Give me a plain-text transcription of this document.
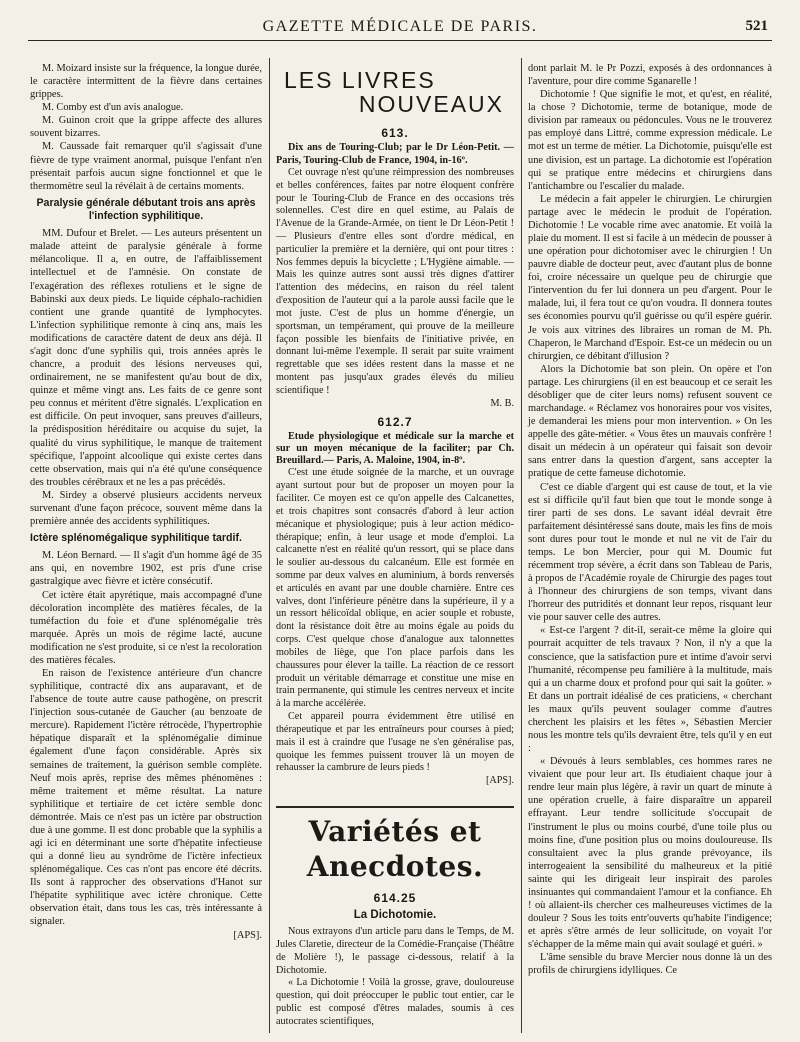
GAZETTE MÉDICALE DE PARIS.	521

M. Moizard insiste sur la fréquence, la longue durée, le caractère intermittent de la fièvre dans certaines grippes.

M. Comby est d'un avis analogue.

M. Guinon croit que la grippe affecte des allures souvent bizarres.

M. Caussade fait remarquer qu'il s'agissait d'une fièvre de type vraiment anormal, puisque l'enfant n'en présentait parfois aucun signe fonctionnel et que le thermomètre seul la révélait à de certains moments.

Paralysie générale débutant trois ans après l'infection syphilitique.

MM. Dufour et Brelet. — Les auteurs présentent un malade atteint de paralysie générale à forme mélancolique. Il a, en outre, de l'affaiblissement intellectuel et de l'amnésie. On constate de l'exagération des réflexes rotuliens et le signe de Babinski aux deux pieds. Le liquide céphalo-rachidien contient une grande quantité de lymphocytes. L'infection syphilitique remonte à cinq ans, mais les modifications de caractère datent de deux ans déjà. Il s'agit donc d'une syphilis qui, trois années après le chancre, a produit des lésions nerveuses qui, ordinairement, ne se manifestent qu'au bout de dix, quinze et même vingt ans. Les faits de ce genre sont peu connus et méritent d'être signalés. L'explication en est difficile. On peut invoquer, sans preuves d'ailleurs, la prédisposition héréditaire ou acquise du sujet, la qualité du virus syphilitique, le manque de traitement spécifique, l'appoint alcoolique qui existe certes dans cette observation, mais qui n'a été qu'une conséquence des troubles cérébraux et ne les a pas précédés.

M. Sirdey a observé plusieurs accidents nerveux survenant d'une façon précoce, souvent même dans la première année des accidents syphilitiques.

Ictère splénomégalique syphilitique tardif.

M. Léon Bernard. — Il s'agit d'un homme âgé de 35 ans qui, en novembre 1902, est pris d'une crise gastralgique avec fièvre et ictère consécutif.

Cet ictère était apyrétique, mais accompagné d'une décoloration incomplète des matières fécales, de la tuméfaction du foie et d'une splénomégalie très marquée. Après un mois de régime lacté, aucune modification ne s'est produite, si ce n'est la recoloration des matières fécales.

En raison de l'existence antérieure d'un chancre syphilitique, contracté dix ans auparavant, et de l'absence de toute autre cause pathogène, on prescrit l'injection sous-cutanée de Gaucher (au benzoate de mercure). Rapidement l'ictère rétrocède, l'hypertrophie hépatique disparaît et la splénomégalie diminue également d'une façon considérable. Après six semaines de traitement, la guérison semble complète. Neuf mois après, reprise des mêmes phénomènes : même traitement et même résultat. La nature syphilitique et tertiaire de cet ictère semble donc démontrée. Mais ce n'est pas un ictère par obstruction due à une gomme. Il est donc probable que la syphilis a agi ici en déterminant une sorte d'hépatite infectieuse qui a donné lieu au syndrôme de l'ictère infectieux splénomégalique. Ces cas n'ont pas encore été décrits. Ils sont à rapprocher des observations d'Hanot sur l'hépatite syphilitique avec ictère chronique. Cette observation était, dans tous les cas, très intéressante à signaler.

[APS].
LES LIVRES
NOUVEAUX
613.

Dix ans de Touring-Club; par le Dr Léon-Petit. — Paris, Touring-Club de France, 1904, in-16º.

Cet ouvrage n'est qu'une réimpression des nombreuses et belles conférences, faites par notre éloquent confrère pour le Touring-Club de France en des occasions très solennelles. C'est dire en quel estime, au Palais de l'Avenue de la Grande-Armée, on tient le Dr Léon-Petit ! — Plusieurs d'entre elles sont d'ordre médical, en particulier la première et la dernière, qui ont pour titres : Nos femmes depuis la bicyclette ; L'Hygiène aimable. — Mais les quinze autres sont aussi très dignes d'attirer l'attention des médecins, en raison du réel talent d'exposition de l'auteur qui a la parole aussi facile que le mot juste. C'est de plus un homme d'énergie, un sportsman, un tempérament, qui prouve de la meilleure façon possible les bienfaits de l'initiative privée, en donnant lui-même l'exemple. Il serait par suite vraiment regrettable que ses idées restent dans la masse et ne montent pas jusqu'aux grades élevés du milieu scientifique !

M. B.
612.7

Etude physiologique et médicale sur la marche et sur un moyen mécanique de la faciliter; par Ch. Breuillard.— Paris, A. Maloine, 1904, in-8º.

C'est une étude soignée de la marche, et un ouvrage ayant surtout pour but de proposer un moyen pour la faciliter. Ce moyen est ce qu'on appelle des Calcanettes, et trois chapitres sont consacrés d'abord à leur action mécanique et physiologique; puis à leur action médico-thérapique; enfin, à leur usage et mode d'emploi. La calcanette n'est en réalité qu'un ressort, qui se place dans le soulier au-dessous du calcanéum. Elle est formée en somme par deux valves en aluminium, à bords renversés et articulés en avant par une double charnière. Entre ces valves, dont l'inférieure pénètre dans la supérieure, il y a un ressort hélicoïdal oblique, en acier souple et robuste, dont la résistance doit être au moins égale au poids du corps. C'est quelque chose d'analogue aux talonnettes mobiles de liège, que l'on place parfois dans les chaussures pour élever la taille. La réaction de ce ressort produit un véritable démarrage et constitue une mise en train permanente, qui stimule les centres nerveux et incite à la marche accélérée.

Cet appareil pourra évidemment être utilisé en thérapeutique et par les entraîneurs pour courses à pied; mais il est à craindre que l'usage ne s'en généralise pas, quoique les femmes puissent trouver là un moyen de rehausser la cambrure de leurs pieds !

[APS].
Variétés et Anecdotes.
614.25
La Dichotomie.

Nous extrayons d'un article paru dans le Temps, de M. Jules Claretie, directeur de la Comédie-Française (Théâtre de Molière !), le passage ci-dessous, relatif à la Dichotomie.

« La Dichotomie ! Voilà la grosse, grave, douloureuse question, qui doit préoccuper le public tout entier, car le public est composé d'êtres malades, soumis à ces autocrates scientifiques,

dont parlait M. le Pr Pozzi, exposés à des ordonnances à l'aventure, pour dire comme Sganarelle !

Dichotomie ! Que signifie le mot, et qu'est, en réalité, la chose ? Dichotomie, terme de botanique, mode de division par rameaux ou pédoncules. Vous ne le trouverez pas employé dans Littré, comme expression médicale. Le mot est un terme de métier. La Dichotomie, puisqu'elle est une division, est un partage. La dichotomie est l'opération qui se pratique entre médecins et chirurgiens dans l'antichambre ou l'escalier du malade.

Le médecin a fait appeler le chirurgien. Le chirurgien partage avec le médecin le produit de l'opération. Dichotomie ! Le vocable rime avec anatomie. Et voilà la plaie du moment. Il est si facile à un médecin de pousser à une opération pour dichotomiser avec le chirurgien ! Un pauvre diable de docteur peut, avec d'autant plus de bonne foi, croire nécessaire un quelque peu de chirurgie que l'intervention du fer lui donnera un peu d'argent. Pour le malade, lui, il fera tout ce qu'on voudra. Il donnera toutes ses économies pourvu qu'il guérisse ou qu'il espère guérir. Je vois aux vitrines des libraires un roman de M. Ph. Chaperon, le Marchand d'Espoir. Est-ce un médecin ou un chirurgien, ce débitant d'illusion ?

Alors la Dichotomie bat son plein. On opère et l'on partage. Les chirurgiens (il en est beaucoup et ce serait les désobliger que de citer leurs noms) refusent souvent ce marchandage. « Réclamez vos honoraires pour vos visites, je demanderai les miens pour mon intervention. » On les appelle des gâte-métier. « Vous êtes un mauvais confrère ! disait un médecin à un opérateur qui faisait son devoir sans entrer dans la question d'argent, sans accepter la pratique de cette fameuse dichotomie.

C'est ce diable d'argent qui est cause de tout, et la vie est si difficile qu'il faut bien que tout le monde songe à tirer parti de ses dons. Le savant idéal devrait être parfaitement désintéressé sans doute, mais les fins de mois sont dures pour tout le monde et nul ne vit de l'air du temps. Le bon Mercier, pour qui M. Doumic fut récemment trop sévère, a écrit dans son Tableau de Paris, à propos de l'Académie royale de Chirurgie des pages tout à l'honneur des chirurgiens de son temps, vivant dans l'horreur des putridités et donnant leur repos, risquant leur vie pour sauver celle des autres.

« Est-ce l'argent ? dit-il, serait-ce même la gloire qui pourrait acquitter de tels travaux ? Non, il n'y a que la conscience, que la satisfaction pure et intime d'avoir servi l'humanité, récompense peu familière à la multitude, mais qui a un charme doux et profond pour qui sait la goûter. » Et dans un portrait idéalisé de ces praticiens, « cherchant les maux qu'ils peuvent soulager comme d'autres cherchent les plaisirs et les fêtes », Sébastien Mercier nous les montre tels qu'ils devraient être, tels qu'il y en eut :

« Dévoués à leurs semblables, ces hommes rares ne vivaient que pour leur art. Ils étudiaient chaque jour à rendre leur main plus légère, à ravir un quart de minute à une opération cruelle, à faire disparaître un appareil effrayant. Leur tendre sollicitude s'occupait de l'instrument le plus ou moins courbé, d'une toile plus ou moins fine, d'une position plus ou moins douloureuse. Ils consultaient avec la plus grande prévoyance, ils interrogeaient la sensibilité du malheureux et la pitié sainte qui les dirigeait leur inspirait des paroles insinuantes qui commandaient l'amour et la confiance. Eh ! où allaient-ils chercher ces malheureuses victimes de la douleur ? Sous les toits entr'ouverts qu'habite l'indigence; et après s'être armés de leur sollicitude, on voyait l'or s'échapper de la même main qui avait soulagé et guéri. »

L'âme sensible du brave Mercier nous donne là un des profils de chirurgiens idylliques. Ce
